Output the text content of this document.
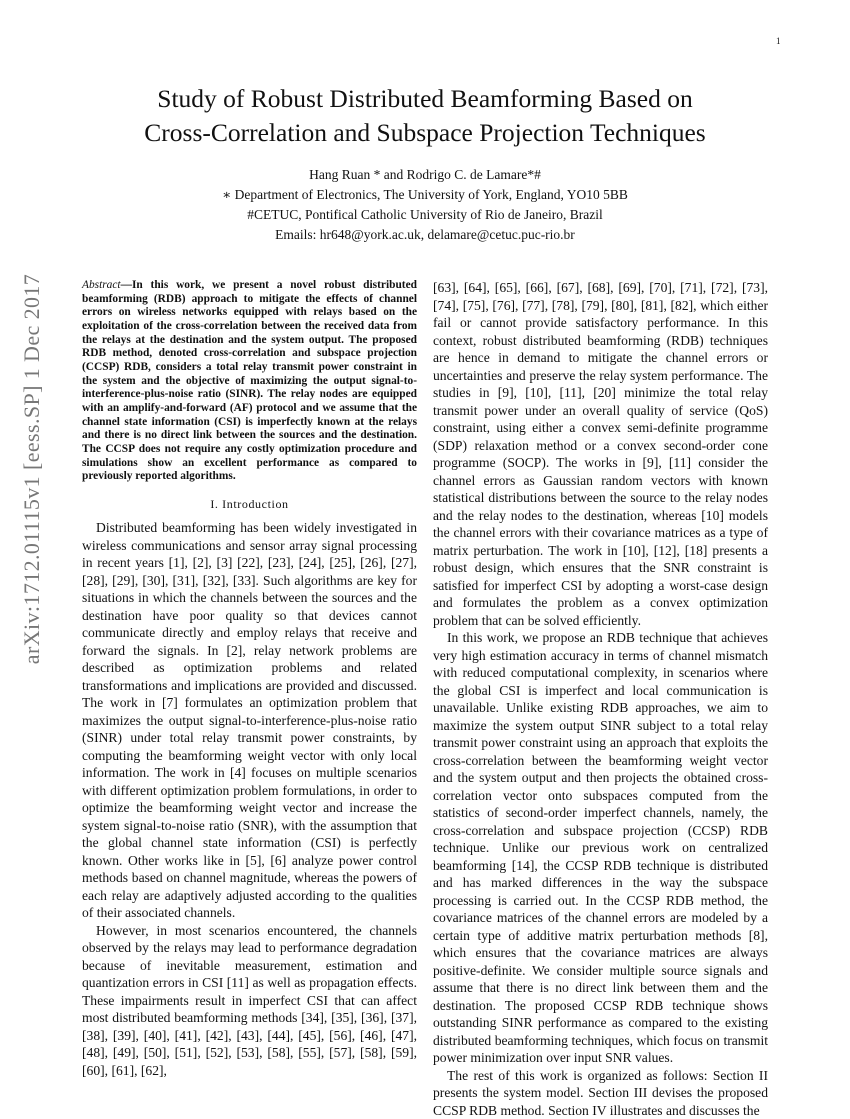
1
Study of Robust Distributed Beamforming Based on
Cross-Correlation and Subspace Projection Techniques
Hang Ruan * and Rodrigo C. de Lamare*#
∗ Department of Electronics, The University of York, England, YO10 5BB
#CETUC, Pontifical Catholic University of Rio de Janeiro, Brazil
Emails: hr648@york.ac.uk, delamare@cetuc.puc-rio.br
arXiv:1712.01115v1 [eess.SP] 1 Dec 2017	Abstract—In this work, we present a novel robust distributed beamforming (RDB) approach to mitigate the effects of channel errors on wireless networks equipped with relays based on the exploitation of the cross-correlation between the received data from the relays at the destination and the system output. The proposed RDB method, denoted cross-correlation and subspace projection (CCSP) RDB, considers a total relay transmit power constraint in the system and the objective of maximizing the output signal-to-interference-plus-noise ratio (SINR). The relay nodes are equipped with an amplify-and-forward (AF) protocol and we assume that the channel state information (CSI) is imperfectly known at the relays and there is no direct link between the sources and the destination. The CCSP does not require any costly optimization procedure and simulations show an excellent performance as compared to previously reported algorithms.
I. Introduction

Distributed beamforming has been widely investigated in wireless communications and sensor array signal processing in recent years [1], [2], [3] [22], [23], [24], [25], [26], [27], [28], [29], [30], [31], [32], [33]. Such algorithms are key for situations in which the channels between the sources and the destination have poor quality so that devices cannot communicate directly and employ relays that receive and forward the signals. In [2], relay network problems are described as optimization problems and related transformations and implications are provided and discussed. The work in [7] formulates an optimization problem that maximizes the output signal-to-interference-plus-noise ratio (SINR) under total relay transmit power constraints, by computing the beamforming weight vector with only local information. The work in [4] focuses on multiple scenarios with different optimization problem formulations, in order to optimize the beamforming weight vector and increase the system signal-to-noise ratio (SNR), with the assumption that the global channel state information (CSI) is perfectly known. Other works like in [5], [6] analyze power control methods based on channel magnitude, whereas the powers of each relay are adaptively adjusted according to the qualities of their associated channels.

However, in most scenarios encountered, the channels observed by the relays may lead to performance degradation because of inevitable measurement, estimation and quantization errors in CSI [11] as well as propagation effects. These impairments result in imperfect CSI that can affect most distributed beamforming methods [34], [35], [36], [37], [38], [39], [40], [41], [42], [43], [44], [45], [56], [46], [47], [48], [49], [50], [51], [52], [53], [58], [55], [57], [58], [59], [60], [61], [62],

[63], [64], [65], [66], [67], [68], [69], [70], [71], [72], [73], [74], [75], [76], [77], [78], [79], [80], [81], [82], which either fail or cannot provide satisfactory performance. In this context, robust distributed beamforming (RDB) techniques are hence in demand to mitigate the channel errors or uncertainties and preserve the relay system performance. The studies in [9], [10], [11], [20] minimize the total relay transmit power under an overall quality of service (QoS) constraint, using either a convex semi-definite programme (SDP) relaxation method or a convex second-order cone programme (SOCP). The works in [9], [11] consider the channel errors as Gaussian random vectors with known statistical distributions between the source to the relay nodes and the relay nodes to the destination, whereas [10] models the channel errors with their covariance matrices as a type of matrix perturbation. The work in [10], [12], [18] presents a robust design, which ensures that the SNR constraint is satisfied for imperfect CSI by adopting a worst-case design and formulates the problem as a convex optimization problem that can be solved efficiently.

In this work, we propose an RDB technique that achieves very high estimation accuracy in terms of channel mismatch with reduced computational complexity, in scenarios where the global CSI is imperfect and local communication is unavailable. Unlike existing RDB approaches, we aim to maximize the system output SINR subject to a total relay transmit power constraint using an approach that exploits the cross-correlation between the beamforming weight vector and the system output and then projects the obtained cross-correlation vector onto subspaces computed from the statistics of second-order imperfect channels, namely, the cross-correlation and subspace projection (CCSP) RDB technique. Unlike our previous work on centralized beamforming [14], the CCSP RDB technique is distributed and has marked differences in the way the subspace processing is carried out. In the CCSP RDB method, the covariance matrices of the channel errors are modeled by a certain type of additive matrix perturbation methods [8], which ensures that the covariance matrices are always positive-definite. We consider multiple source signals and assume that there is no direct link between them and the destination. The proposed CCSP RDB technique shows outstanding SINR performance as compared to the existing distributed beamforming techniques, which focus on transmit power minimization over input SNR values.

The rest of this work is organized as follows: Section II presents the system model. Section III devises the proposed CCSP RDB method. Section IV illustrates and discusses the
